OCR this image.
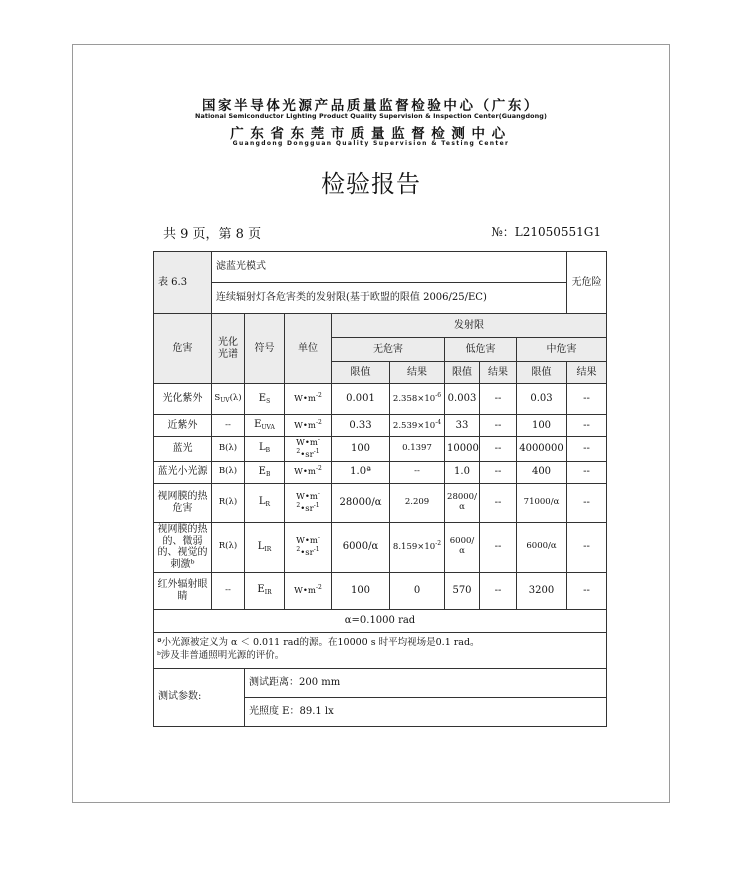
国家半导体光源产品质量监督检验中心（广东）
National Semiconductor Lighting Product Quality Supervision & Inspection Center(Guangdong)
广东省东莞市质量监督检测中心
Guangdong Dongguan Quality Supervision & Testing Center
检验报告
共 9 页，第 8 页	№：L21050551G1
表 6.3	滤蓝光模式								无危险
	连续辐射灯各危害类的发射限(基于欧盟的限值 2006/25/EC)								
危害	光化光谱	符号	单位	发射限					
				无危害		低危害		中危害	
				限值	结果	限值	结果	限值	结果
光化紫外	$S_{UV}(\lambda)$	$E_S$	$W•m^{-2}$	0.001	$2.358\times 10^{-6}$	0.003	--	0.03	--
近紫外	--	$E_{UVA}$	$W•m^{-2}$	0.33	$2.539\times 10^{-4}$	33	--	100	--
蓝光	B(λ)	$L_B$	$W•m^{-2}•sr^{-1}$	100	0.1397	10000	--	4000000	--
蓝光小光源	B(λ)	$E_B$	$W•m^{-2}$	1.0ª	--	1.0	--	400	--
视网膜的热危害	R(λ)	$L_R$	$W•m^{-2}•sr^{-1}$	28000/α	2.209	28000/α	--	71000/α	--
视网膜的热的、微弱的、视觉的刺激ᵇ	R(λ)	$L_{IR}$	$W•m^{-2}•sr^{-1}$	6000/α	$8.159\times 10^{-2}$	6000/α	--	6000/α	--
红外辐射眼睛	--	$E_{IR}$	$W•m^{-2}$	100	0	570	--	3200	--
α=0.1000 rad									

ª小光源被定义为 α ＜ 0.011 rad的源。在10000 s 时平均视场是0.1 rad。
ᵇ涉及非普通照明光源的评价。									

测试参数:		测试距离：200 mm							
		光照度 E：89.1 lx							
